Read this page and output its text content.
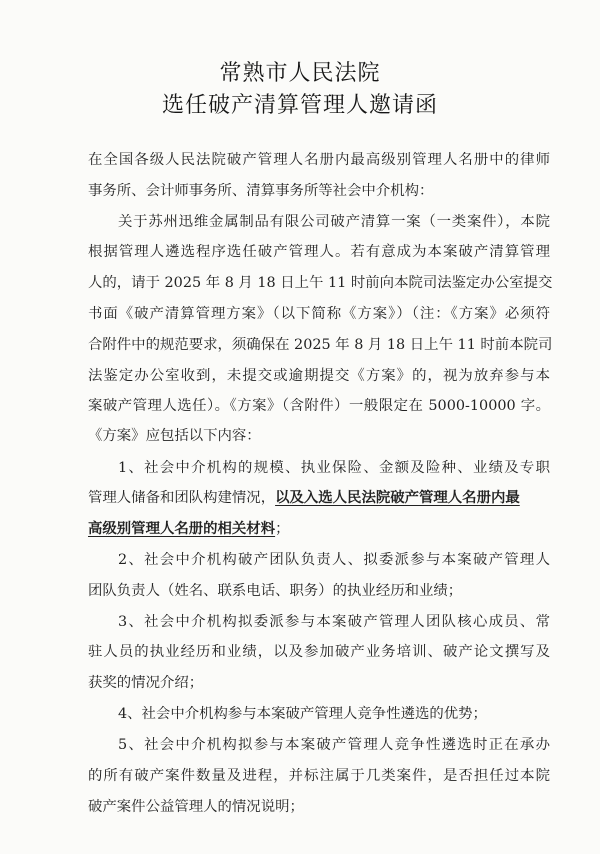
常熟市人民法院
选任破产清算管理人邀请函
在全国各级人民法院破产管理人名册内最高级别管理人名册中的律师
事务所、会计师事务所、清算事务所等社会中介机构：
关于苏州迅维金属制品有限公司破产清算一案（一类案件），本院
根据管理人遴选程序选任破产管理人。若有意成为本案破产清算管理
人的，请于 2025 年 8 月 18 日上午 11 时前向本院司法鉴定办公室提交
书面《破产清算管理方案》（以下简称《方案》）（注：《方案》必须符
合附件中的规范要求，须确保在 2025 年 8 月 18 日上午 11 时前本院司
法鉴定办公室收到，未提交或逾期提交《方案》的，视为放弃参与本
案破产管理人选任）。《方案》（含附件）一般限定在 5000-10000 字。
《方案》应包括以下内容：
1、社会中介机构的规模、执业保险、金额及险种、业绩及专职
管理人储备和团队构建情况，以及入选人民法院破产管理人名册内最
高级别管理人名册的相关材料；
2、社会中介机构破产团队负责人、拟委派参与本案破产管理人
团队负责人（姓名、联系电话、职务）的执业经历和业绩；
3、社会中介机构拟委派参与本案破产管理人团队核心成员、常
驻人员的执业经历和业绩，以及参加破产业务培训、破产论文撰写及
获奖的情况介绍；
4、社会中介机构参与本案破产管理人竞争性遴选的优势；
5、社会中介机构拟参与本案破产管理人竞争性遴选时正在承办
的所有破产案件数量及进程，并标注属于几类案件，是否担任过本院
破产案件公益管理人的情况说明；
